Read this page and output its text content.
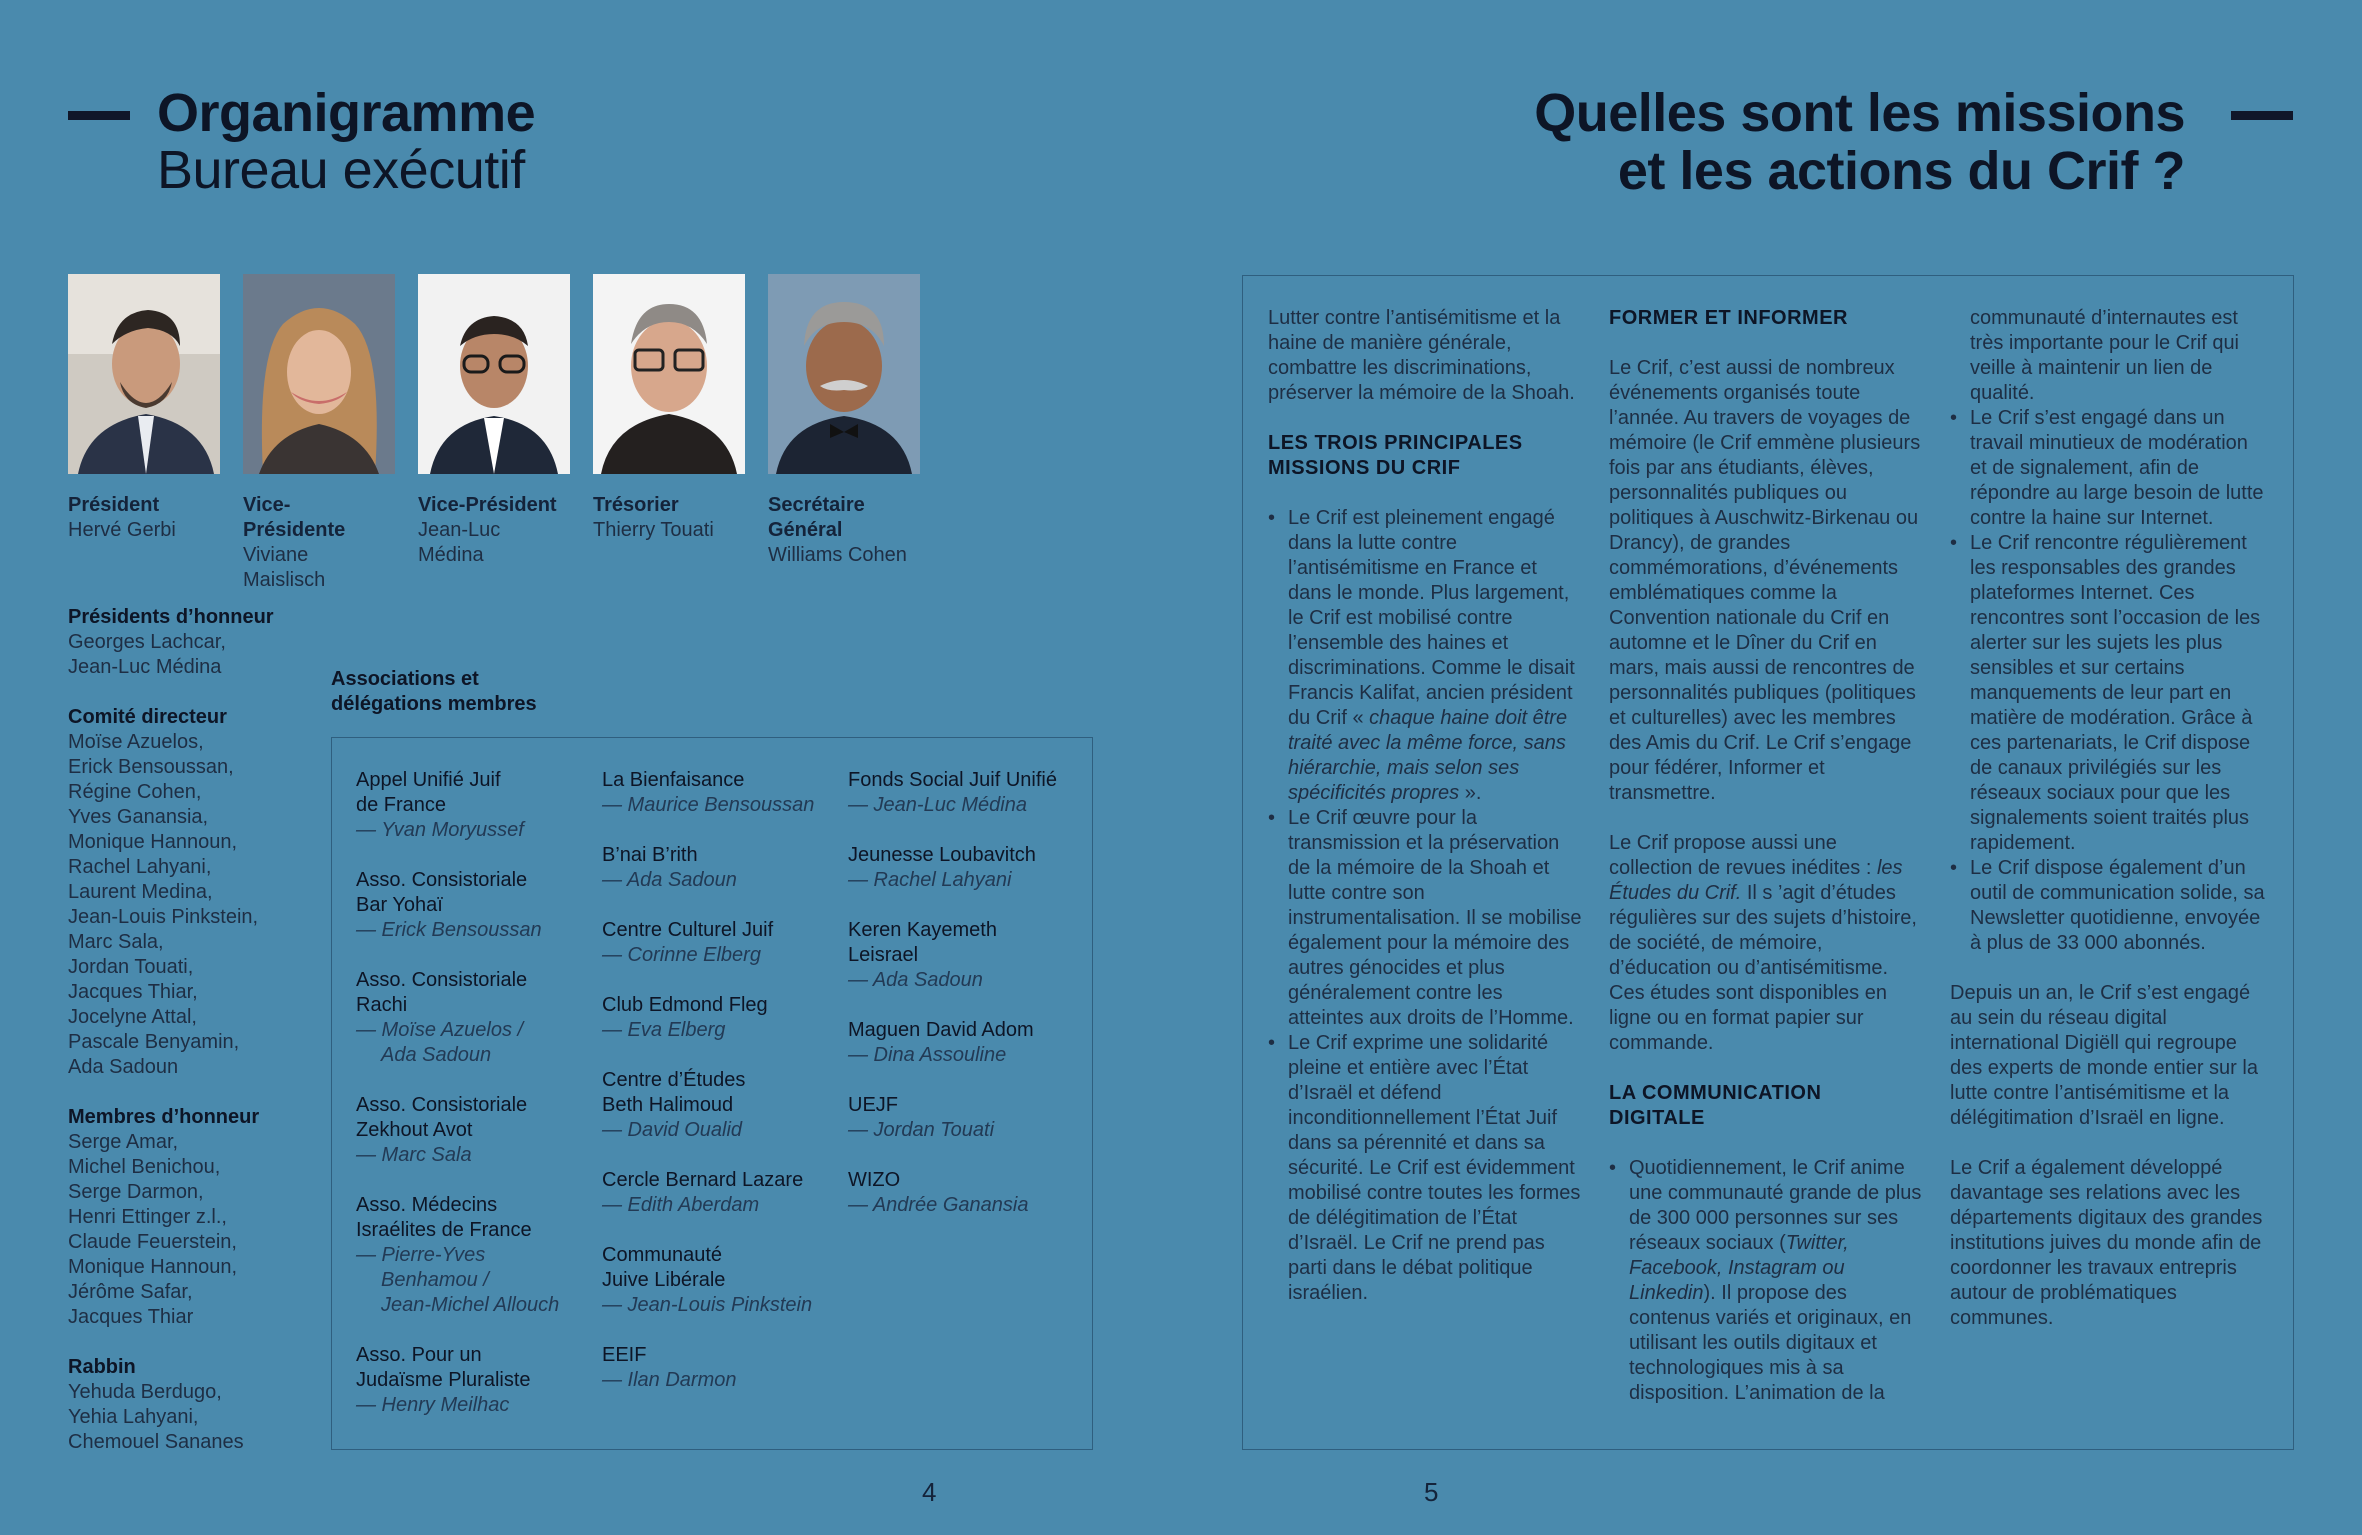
Organigramme
Bureau exécutif
Président
Hervé Gerbi
Vice-Présidente
Viviane Maislisch
Vice-Président
Jean-Luc Médina
Trésorier
Thierry Touati
Secrétaire Général
Williams Cohen
Présidents d’honneur
Georges Lachcar,
Jean-Luc Médina
Comité directeur
Moïse Azuelos,
Erick Bensoussan,
Régine Cohen,
Yves Ganansia,
Monique Hannoun,
Rachel Lahyani,
Laurent Medina,
Jean-Louis Pinkstein,
Marc Sala,
Jordan Touati,
Jacques Thiar,
Jocelyne Attal,
Pascale Benyamin,
Ada Sadoun
Membres d’honneur
Serge Amar,
Michel Benichou,
Serge Darmon,
Henri Ettinger z.l.,
Claude Feuerstein,
Monique Hannoun,
Jérôme Safar,
Jacques Thiar
Rabbin
Yehuda Berdugo,
Yehia Lahyani,
Chemouel Sananes
Associations et
délégations membres
Appel Unifié Juif
de France
— Yvan Moryussef
Asso. Consistoriale
Bar Yohaï
— Erick Bensoussan
Asso. Consistoriale
Rachi
— Moïse Azuelos /
Ada Sadoun
Asso. Consistoriale
Zekhout Avot
— Marc Sala
Asso. Médecins
Israélites de France
— Pierre-Yves
Benhamou /
Jean-Michel Allouch
Asso. Pour un
Judaïsme Pluraliste
— Henry Meilhac
La Bienfaisance
— Maurice Bensoussan
B’nai B’rith
— Ada Sadoun
Centre Culturel Juif
— Corinne Elberg
Club Edmond Fleg
— Eva Elberg
Centre d’Études
Beth Halimoud
— David Oualid
Cercle Bernard Lazare
— Edith Aberdam
Communauté
Juive Libérale
— Jean-Louis Pinkstein
EEIF
— Ilan Darmon
Fonds Social Juif Unifié
— Jean-Luc Médina
Jeunesse Loubavitch
— Rachel Lahyani
Keren Kayemeth
Leisrael
— Ada Sadoun
Maguen David Adom
— Dina Assouline
UEJF
— Jordan Touati
WIZO
— Andrée Ganansia
4
Quelles sont les missions
et les actions du Crif ?

Lutter contre l’antisémitisme et la haine de manière générale, combattre les discriminations, préserver la mémoire de la Shoah.

LES TROIS PRINCIPALES MISSIONS DU CRIF
• Le Crif est pleinement engagé dans la lutte contre l’antisémitisme en France et dans le monde. Plus largement, le Crif est mobilisé contre l’ensemble des haines et discriminations. Comme le disait Francis Kalifat, ancien président du Crif « chaque haine doit être traité avec la même force, sans hiérarchie, mais selon ses spécificités propres ».
• Le Crif œuvre pour la transmission et la préservation de la mémoire de la Shoah et lutte contre son instrumentalisation. Il se mobilise également pour la mémoire des autres génocides et plus généralement contre les atteintes aux droits de l’Homme.
• Le Crif exprime une solidarité pleine et entière avec l’État d’Israël et défend inconditionnellement l’État Juif dans sa pérennité et dans sa sécurité. Le Crif est évidemment mobilisé contre toutes les formes de délégitimation de l’État d’Israël. Le Crif ne prend pas parti dans le débat politique israélien.
FORMER ET INFORMER

Le Crif, c’est aussi de nombreux événements organisés toute l’année. Au travers de voyages de mémoire (le Crif emmène plusieurs fois par ans étudiants, élèves, personnalités publiques ou politiques à Auschwitz-Birkenau ou Drancy), de grandes commémorations, d’événements emblématiques comme la Convention nationale du Crif en automne et le Dîner du Crif en mars, mais aussi de rencontres de personnalités publiques (politiques et culturelles) avec les membres des Amis du Crif. Le Crif s’engage pour fédérer, Informer et transmettre.

Le Crif propose aussi une collection de revues inédites : les Études du Crif. Il s ’agit d’études régulières sur des sujets d’histoire, de société, de mémoire, d’éducation ou d’antisémitisme. Ces études sont disponibles en ligne ou en format papier sur commande.

LA COMMUNICATION DIGITALE
• Quotidiennement, le Crif anime une communauté grande de plus de 300 000 personnes sur ses réseaux sociaux (Twitter, Facebook, Instagram ou Linkedin). Il propose des contenus variés et originaux, en utilisant les outils digitaux et technologiques mis à sa disposition. L’animation de la
communauté d’internautes est très importante pour le Crif qui veille à maintenir un lien de qualité.
• Le Crif s’est engagé dans un travail minutieux de modération et de signalement, afin de répondre au large besoin de lutte contre la haine sur Internet.
• Le Crif rencontre régulièrement les responsables des grandes plateformes Internet. Ces rencontres sont l’occasion de les alerter sur les sujets les plus sensibles et sur certains manquements de leur part en matière de modération. Grâce à ces partenariats, le Crif dispose de canaux privilégiés sur les réseaux sociaux pour que les signalements soient traités plus rapidement.
• Le Crif dispose également d’un outil de communication solide, sa Newsletter quotidienne, envoyée à plus de 33 000 abonnés.

Depuis un an, le Crif s’est engagé au sein du réseau digital international Digiëll qui regroupe des experts de monde entier sur la lutte contre l’antisémitisme et la délégitimation d’Israël en ligne.

Le Crif a également développé davantage ses relations avec les départements digitaux des grandes institutions juives du monde afin de coordonner les travaux entrepris autour de problématiques communes.

5
